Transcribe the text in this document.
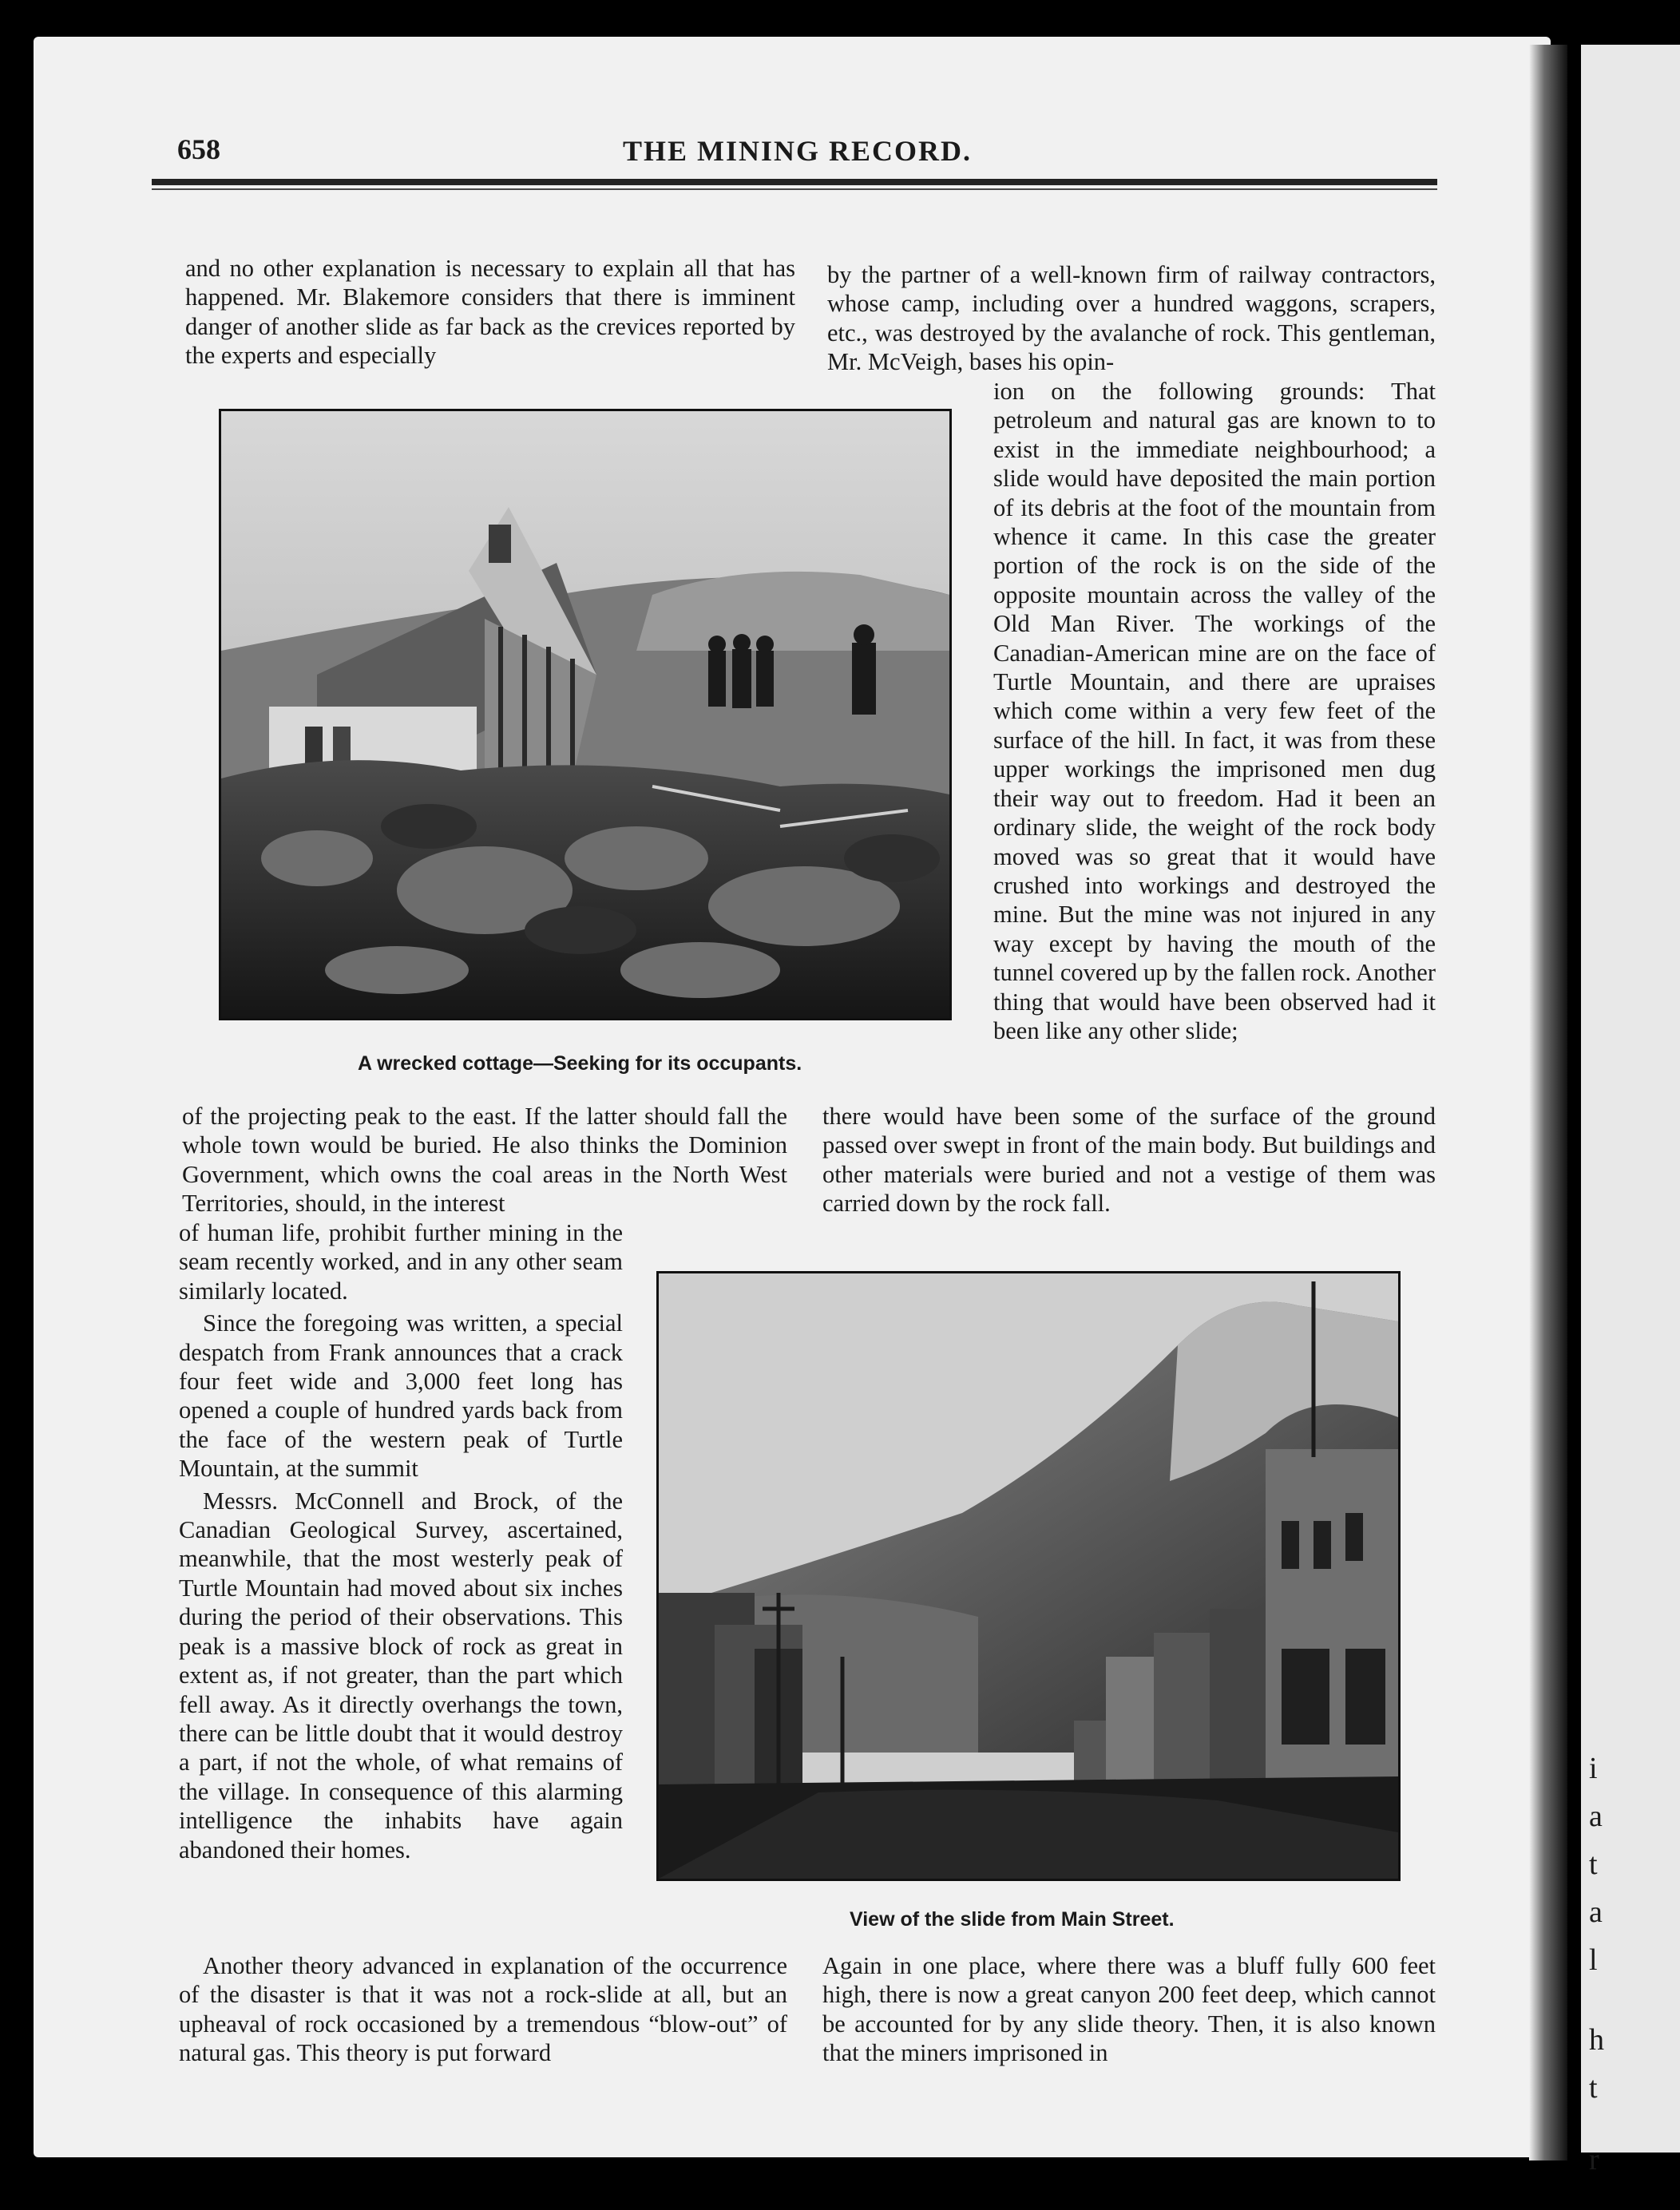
i
a
t
a
l
h
t
r
658	THE MINING RECORD.

and no other explanation is necessary to explain all that has happened. Mr. Blakemore considers that there is imminent danger of another slide as far back as the crevices reported by the experts and especially

by the partner of a well-known firm of railway contractors, whose camp, including over a hundred waggons, scrapers, etc., was destroyed by the avalanche of rock. This gentleman, Mr. McVeigh, bases his opin-

A wrecked cottage—Seeking for its occupants.

ion on the following grounds: That petroleum and natural gas are known to to exist in the immediate neighbourhood; a slide would have deposited the main portion of its debris at the foot of the mountain from whence it came. In this case the greater portion of the rock is on the side of the opposite mountain across the valley of the Old Man River. The workings of the Canadian-American mine are on the face of Turtle Mountain, and there are upraises which come within a very few feet of the surface of the hill. In fact, it was from these upper workings the imprisoned men dug their way out to freedom. Had it been an ordinary slide, the weight of the rock body moved was so great that it would have crushed into workings and destroyed the mine. But the mine was not injured in any way except by having the mouth of the tunnel covered up by the fallen rock. Another thing that would have been observed had it been like any other slide;

of the projecting peak to the east. If the latter should fall the whole town would be buried. He also thinks the Dominion Government, which owns the coal areas in the North West Territories, should, in the interest

there would have been some of the surface of the ground passed over swept in front of the main body. But buildings and other materials were buried and not a vestige of them was carried down by the rock fall.

of human life, prohibit further mining in the seam recently worked, and in any other seam similarly located.

Since the foregoing was written, a special despatch from Frank announces that a crack four feet wide and 3,000 feet long has opened a couple of hundred yards back from the face of the western peak of Turtle Mountain, at the summit

Messrs. McConnell and Brock, of the Canadian Geological Survey, ascertained, meanwhile, that the most westerly peak of Turtle Mountain had moved about six inches during the period of their observations. This peak is a massive block of rock as great in extent as, if not greater, than the part which fell away. As it directly overhangs the town, there can be little doubt that it would destroy a part, if not the whole, of what remains of the village. In consequence of this alarming intelligence the inhabits have again abandoned their homes.

View of the slide from Main Street.

Another theory advanced in explanation of the occurrence of the disaster is that it was not a rock-slide at all, but an upheaval of rock occasioned by a tremendous “blow-out” of natural gas. This theory is put forward

Again in one place, where there was a bluff fully 600 feet high, there is now a great canyon 200 feet deep, which cannot be accounted for by any slide theory. Then, it is also known that the miners imprisoned in
